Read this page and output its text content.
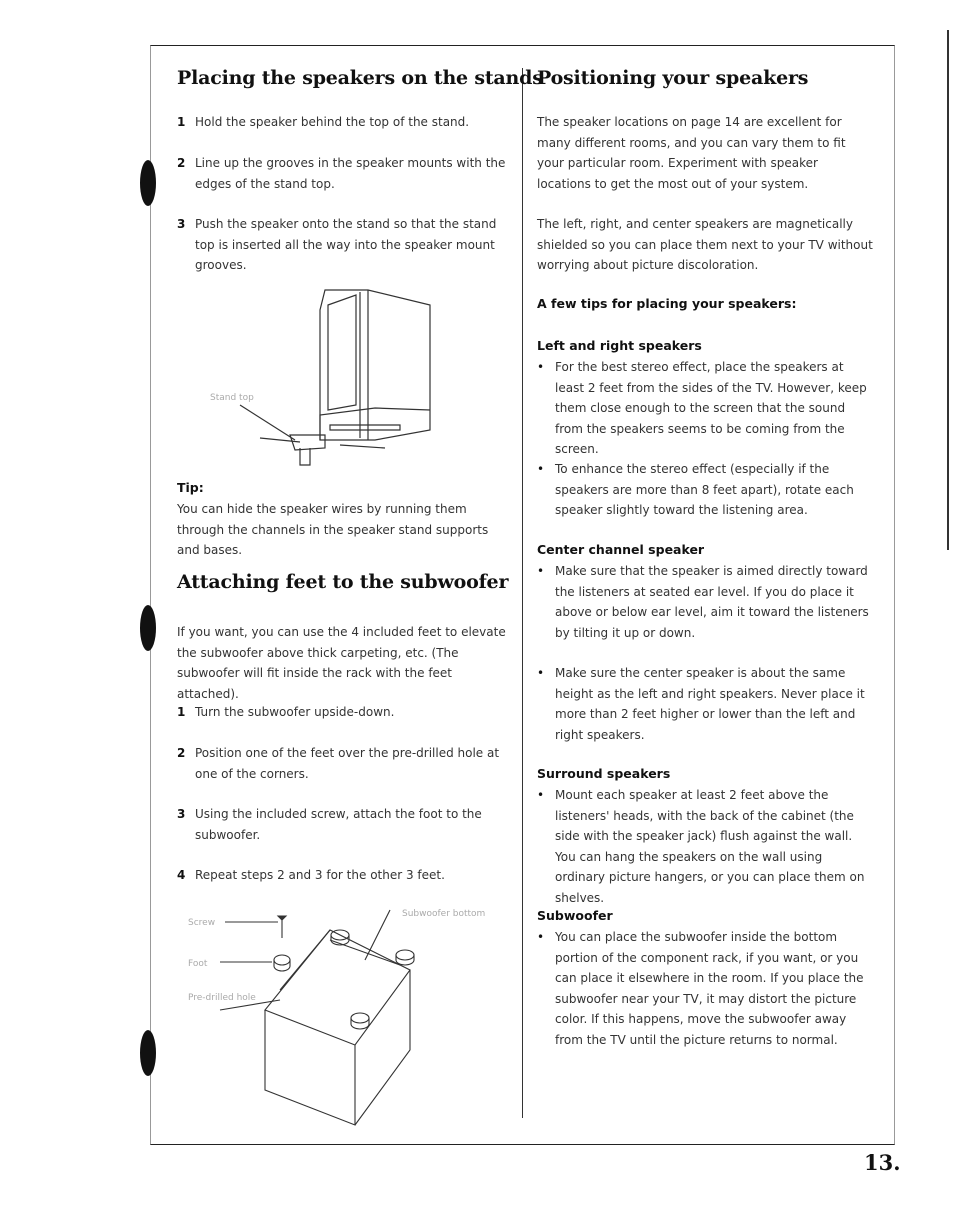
Placing the speakers on the stands
1 Hold the speaker behind the top of the stand.
2 Line up the grooves in the speaker mounts with the edges of the stand top.
3 Push the speaker onto the stand so that the stand top is inserted all the way into the speaker mount grooves.
Stand top

Tip:

You can hide the speaker wires by running them through the channels in the speaker stand supports and bases.

Attaching feet to the subwoofer

If you want, you can use the 4 included feet to elevate the subwoofer above thick carpeting, etc. (The subwoofer will fit inside the rack with the feet attached).

1 Turn the subwoofer upside-down.
2 Position one of the feet over the pre-drilled hole at one of the corners.
3 Using the included screw, attach the foot to the subwoofer.
4 Repeat steps 2 and 3 for the other 3 feet.
Screw
Foot
Pre-drilled hole
Subwoofer bottom
Positioning your speakers

The speaker locations on page 14 are excellent for many different rooms, and you can vary them to fit your particular room. Experiment with speaker locations to get the most out of your system.

The left, right, and center speakers are magnetically shielded so you can place them next to your TV without worrying about picture discoloration.

A few tips for placing your speakers:

Left and right speakers

• For the best stereo effect, place the speakers at least 2 feet from the sides of the TV. However, keep them close enough to the screen that the sound from the speakers seems to be coming from the screen.
• To enhance the stereo effect (especially if the speakers are more than 8 feet apart), rotate each speaker slightly toward the listening area.

Center channel speaker

• Make sure that the speaker is aimed directly toward the listeners at seated ear level. If you do place it above or below ear level, aim it toward the listeners by tilting it up or down.
• Make sure the center speaker is about the same height as the left and right speakers. Never place it more than 2 feet higher or lower than the left and right speakers.

Surround speakers

• Mount each speaker at least 2 feet above the listeners' heads, with the back of the cabinet (the side with the speaker jack) flush against the wall. You can hang the speakers on the wall using ordinary picture hangers, or you can place them on shelves.

Subwoofer

• You can place the subwoofer inside the bottom portion of the component rack, if you want, or you can place it elsewhere in the room. If you place the subwoofer near your TV, it may distort the picture color. If this happens, move the subwoofer away from the TV until the picture returns to normal.
13.
